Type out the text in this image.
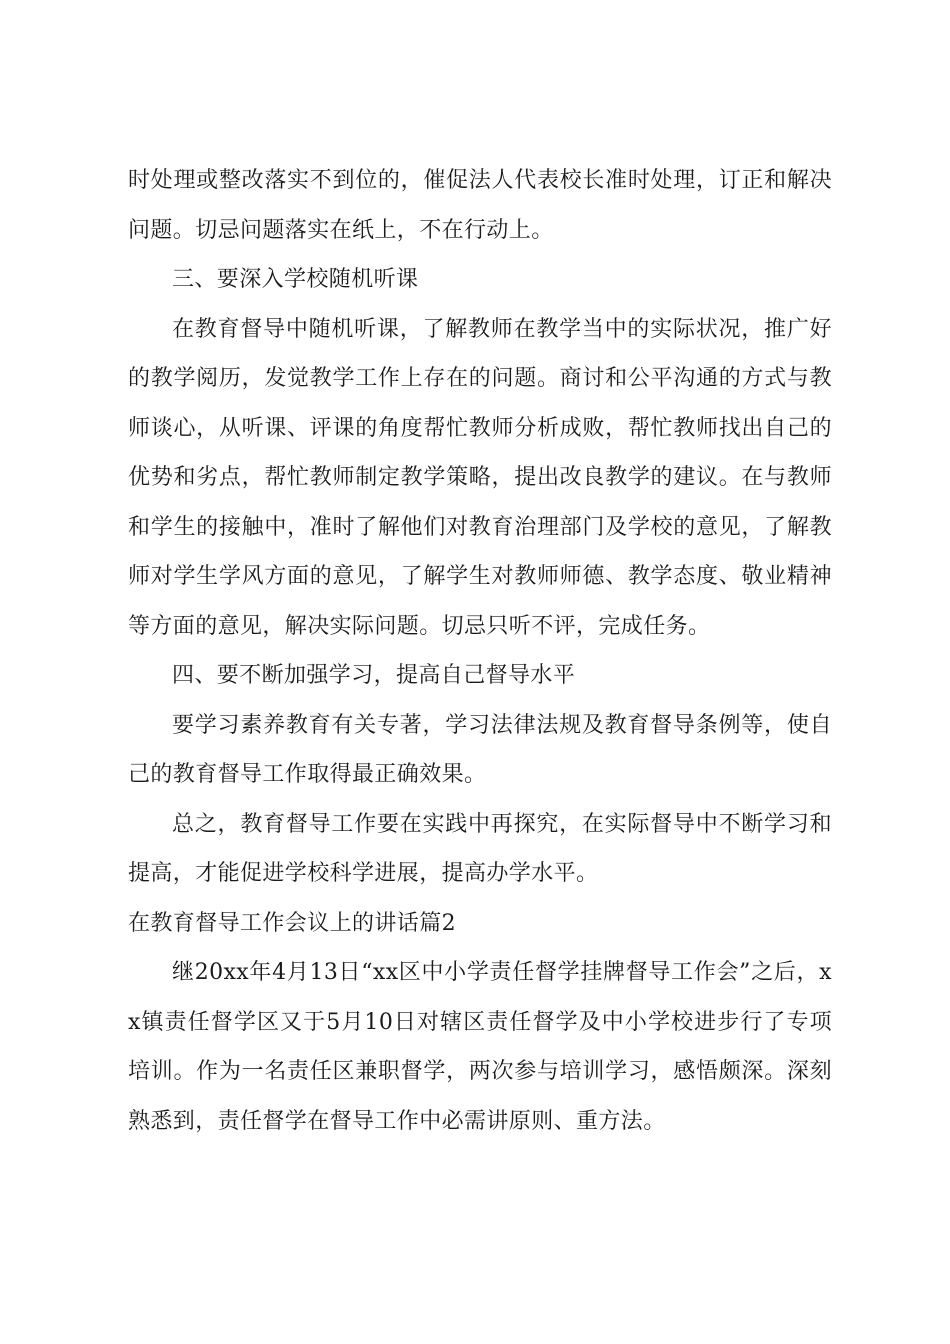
时处理或整改落实不到位的，催促法人代表校长准时处理，订正和解决问题。切忌问题落实在纸上，不在行动上。

三、要深入学校随机听课

在教育督导中随机听课，了解教师在教学当中的实际状况，推广好的教学阅历，发觉教学工作上存在的问题。商讨和公平沟通的方式与教师谈心，从听课、评课的角度帮忙教师分析成败，帮忙教师找出自己的优势和劣点，帮忙教师制定教学策略，提出改良教学的建议。在与教师和学生的接触中，准时了解他们对教育治理部门及学校的意见，了解教师对学生学风方面的意见，了解学生对教师师德、教学态度、敬业精神等方面的意见，解决实际问题。切忌只听不评，完成任务。

四、要不断加强学习，提高自己督导水平

要学习素养教育有关专著，学习法律法规及教育督导条例等，使自己的教育督导工作取得最正确效果。

总之，教育督导工作要在实践中再探究，在实际督导中不断学习和提高，才能促进学校科学进展，提高办学水平。

在教育督导工作会议上的讲话篇2

继20xx年4月13日“xx区中小学责任督学挂牌督导工作会”之后，xx镇责任督学区又于5月10日对辖区责任督学及中小学校进步行了专项培训。作为一名责任区兼职督学，两次参与培训学习，感悟颇深。深刻熟悉到，责任督学在督导工作中必需讲原则、重方法。
